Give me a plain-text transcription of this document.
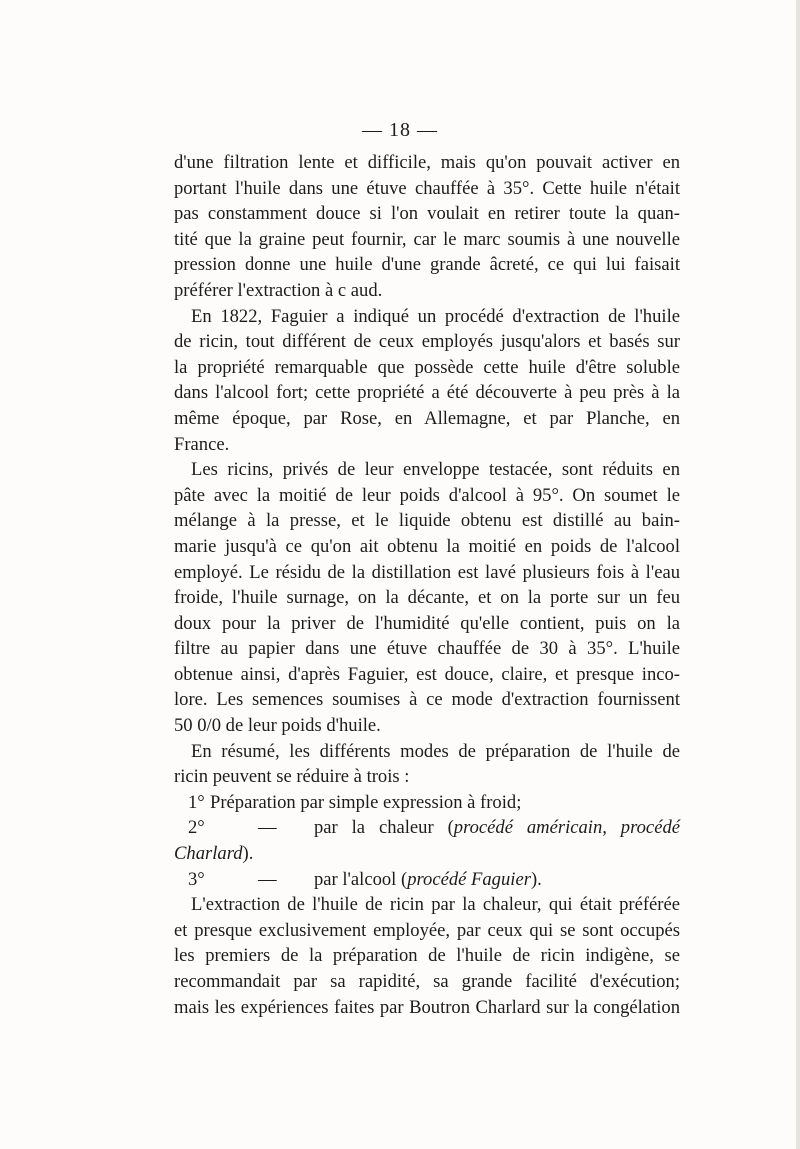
— 18 —
d'une filtration lente et difficile, mais qu'on pouvait activer en
portant l'huile dans une étuve chauffée à 35°. Cette huile n'était
pas constamment douce si l'on voulait en retirer toute la quan-
tité que la graine peut fournir, car le marc soumis à une nouvelle
pression donne une huile d'une grande âcreté, ce qui lui faisait
préférer l'extraction à c aud.
En 1822, Faguier a indiqué un procédé d'extraction de l'huile
de ricin, tout différent de ceux employés jusqu'alors et basés sur
la propriété remarquable que possède cette huile d'être soluble
dans l'alcool fort; cette propriété a été découverte à peu près à la
même époque, par Rose, en Allemagne, et par Planche, en
France.
Les ricins, privés de leur enveloppe testacée, sont réduits en
pâte avec la moitié de leur poids d'alcool à 95°. On soumet le
mélange à la presse, et le liquide obtenu est distillé au bain-
marie jusqu'à ce qu'on ait obtenu la moitié en poids de l'alcool
employé. Le résidu de la distillation est lavé plusieurs fois à l'eau
froide, l'huile surnage, on la décante, et on la porte sur un feu
doux pour la priver de l'humidité qu'elle contient, puis on la
filtre au papier dans une étuve chauffée de 30 à 35°. L'huile
obtenue ainsi, d'après Faguier, est douce, claire, et presque inco-
lore. Les semences soumises à ce mode d'extraction fournissent
50 0/0 de leur poids d'huile.
En résumé, les différents modes de préparation de l'huile de
ricin peuvent se réduire à trois :
1° Préparation par simple expression à froid;
2°	— par la chaleur (procédé américain, procédé
Charlard).
3°	— par l'alcool (procédé Faguier).
L'extraction de l'huile de ricin par la chaleur, qui était préférée
et presque exclusivement employée, par ceux qui se sont occupés
les premiers de la préparation de l'huile de ricin indigène, se
recommandait par sa rapidité, sa grande facilité d'exécution;
mais les expériences faites par Boutron Charlard sur la congélation
